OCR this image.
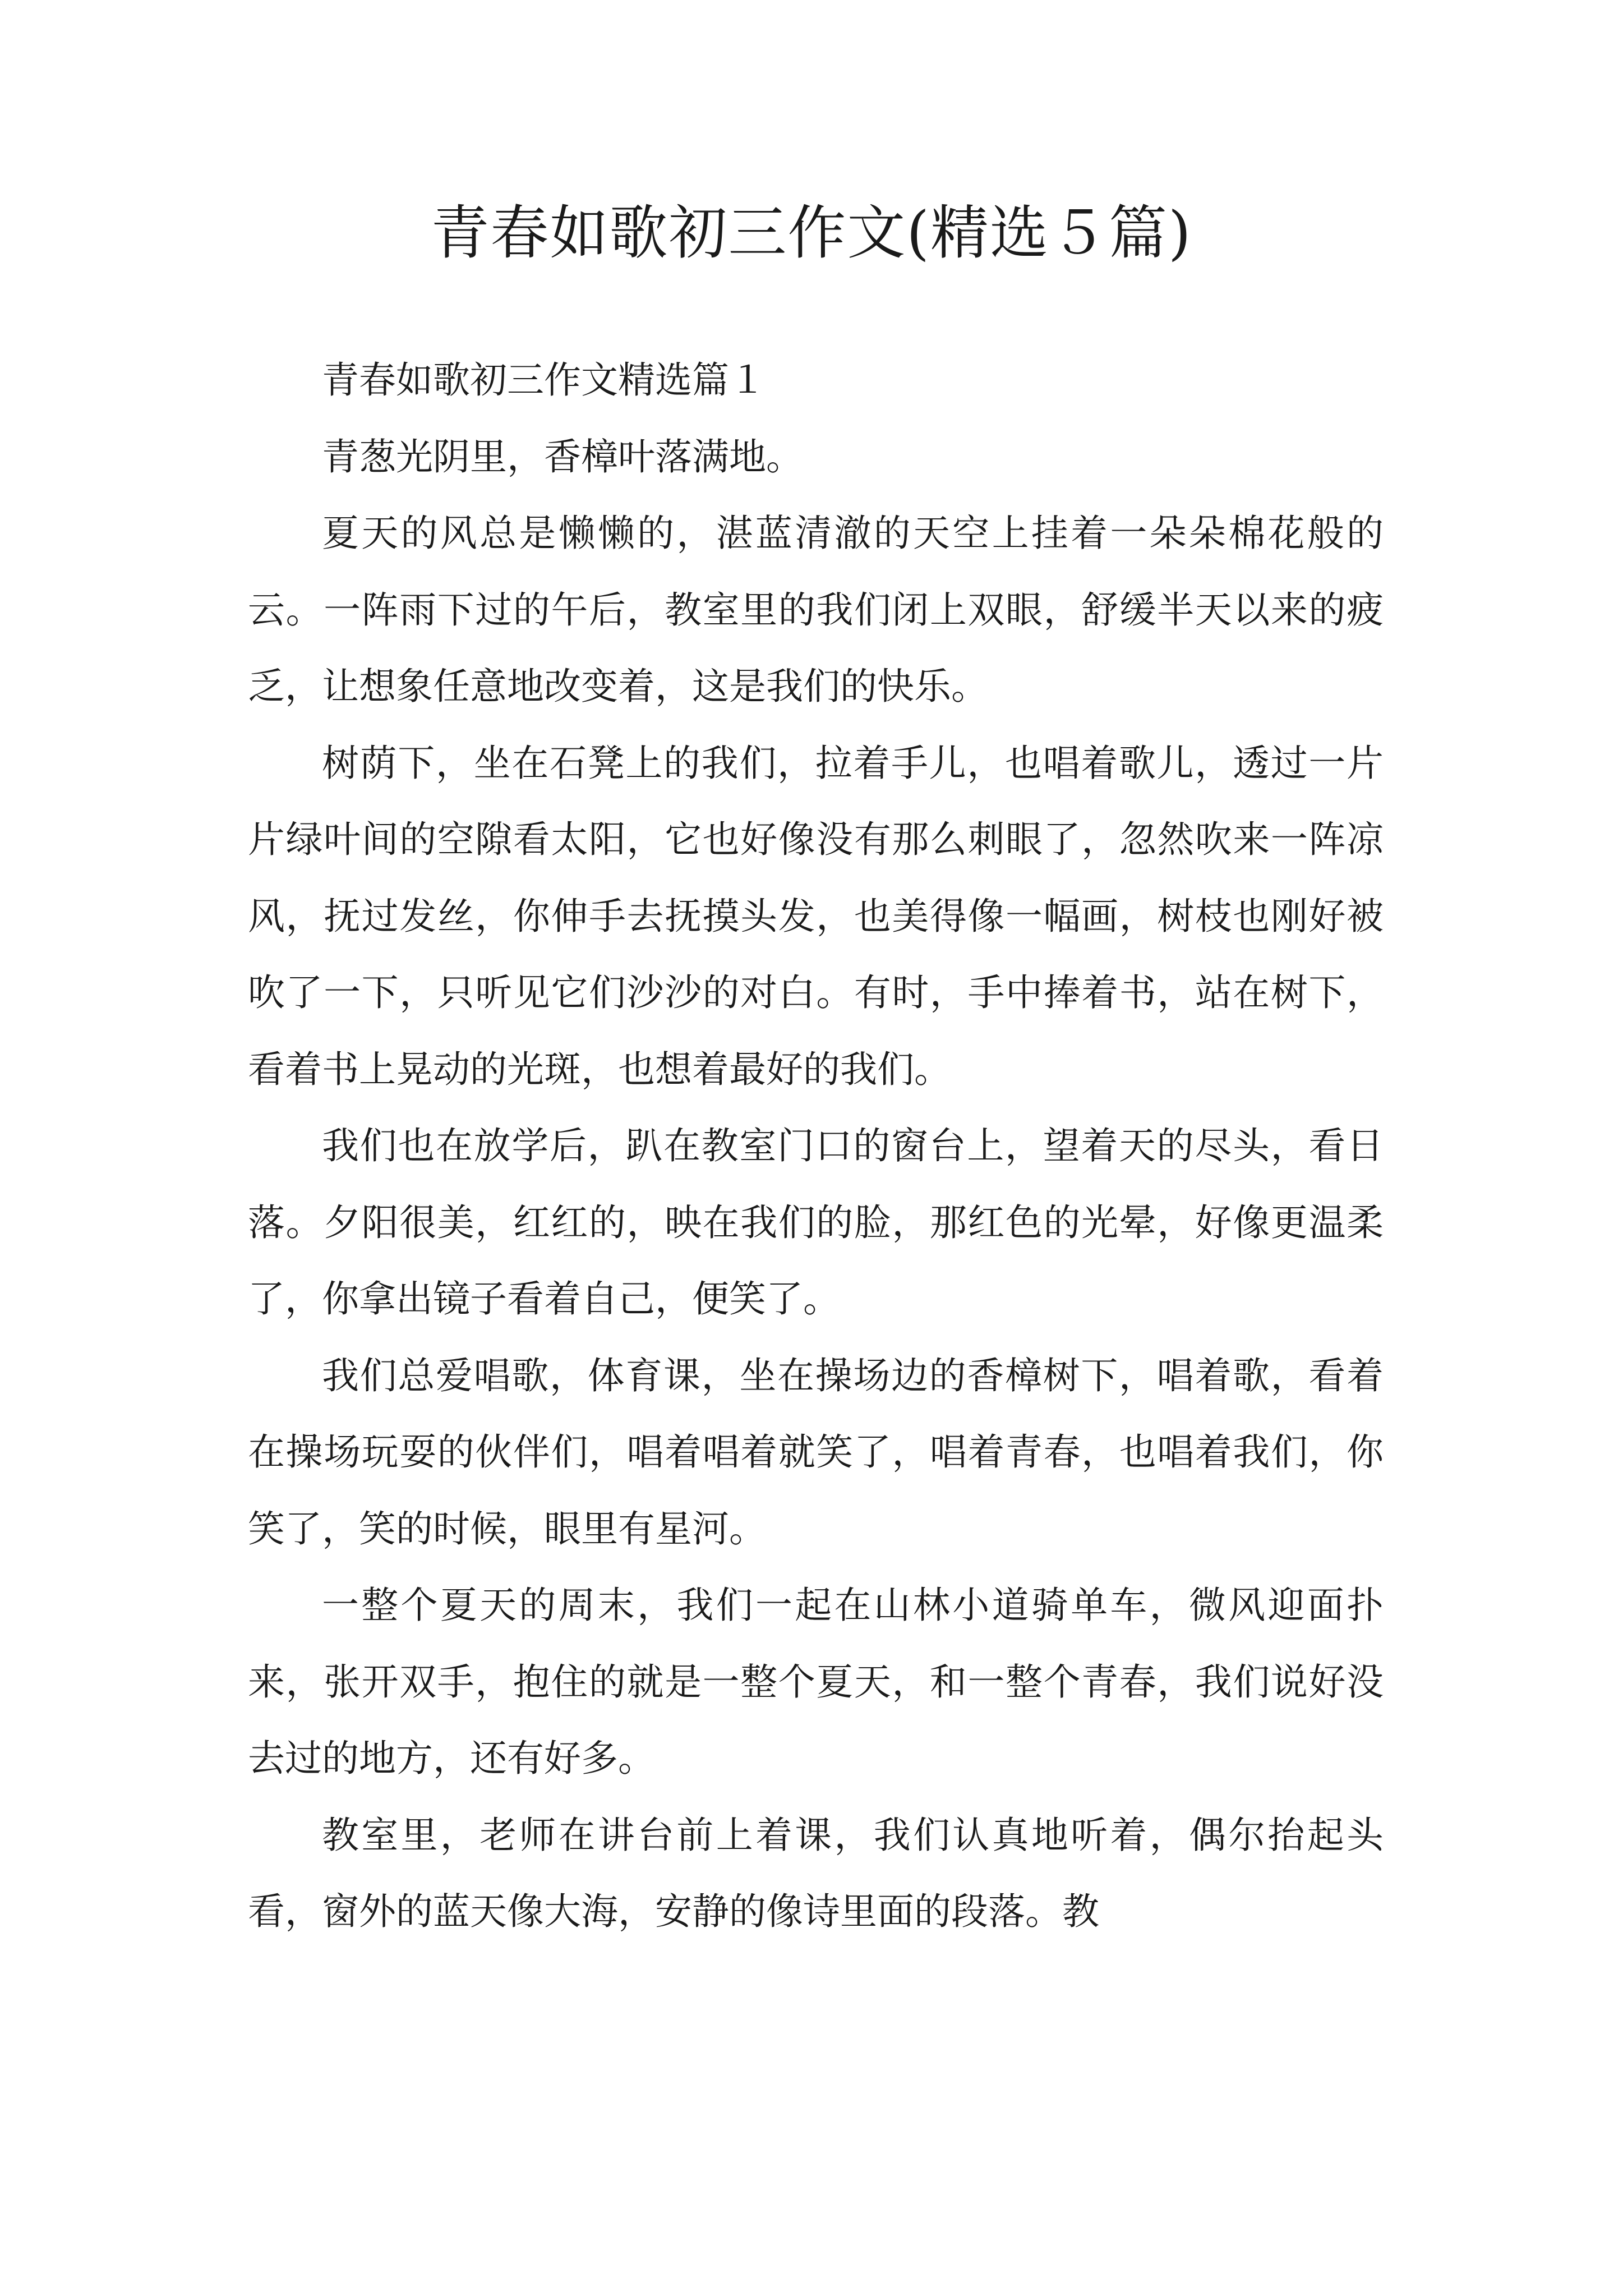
青春如歌初三作文(精选５篇)

青春如歌初三作文精选篇１

青葱光阴里，香樟叶落满地。

夏天的风总是懒懒的，湛蓝清澈的天空上挂着一朵朵棉花般的云。一阵雨下过的午后，教室里的我们闭上双眼，舒缓半天以来的疲乏，让想象任意地改变着，这是我们的快乐。

树荫下，坐在石凳上的我们，拉着手儿，也唱着歌儿，透过一片片绿叶间的空隙看太阳，它也好像没有那么刺眼了，忽然吹来一阵凉风，抚过发丝，你伸手去抚摸头发，也美得像一幅画，树枝也刚好被吹了一下，只听见它们沙沙的对白。有时，手中捧着书，站在树下，看着书上晃动的光斑，也想着最好的我们。

我们也在放学后，趴在教室门口的窗台上，望着天的尽头，看日落。夕阳很美，红红的，映在我们的脸，那红色的光晕，好像更温柔了，你拿出镜子看着自己，便笑了。

我们总爱唱歌，体育课，坐在操场边的香樟树下，唱着歌，看着在操场玩耍的伙伴们，唱着唱着就笑了，唱着青春，也唱着我们，你笑了，笑的时候，眼里有星河。

一整个夏天的周末，我们一起在山林小道骑单车，微风迎面扑来，张开双手，抱住的就是一整个夏天，和一整个青春，我们说好没去过的地方，还有好多。

教室里，老师在讲台前上着课，我们认真地听着，偶尔抬起头看，窗外的蓝天像大海，安静的像诗里面的段落。教
